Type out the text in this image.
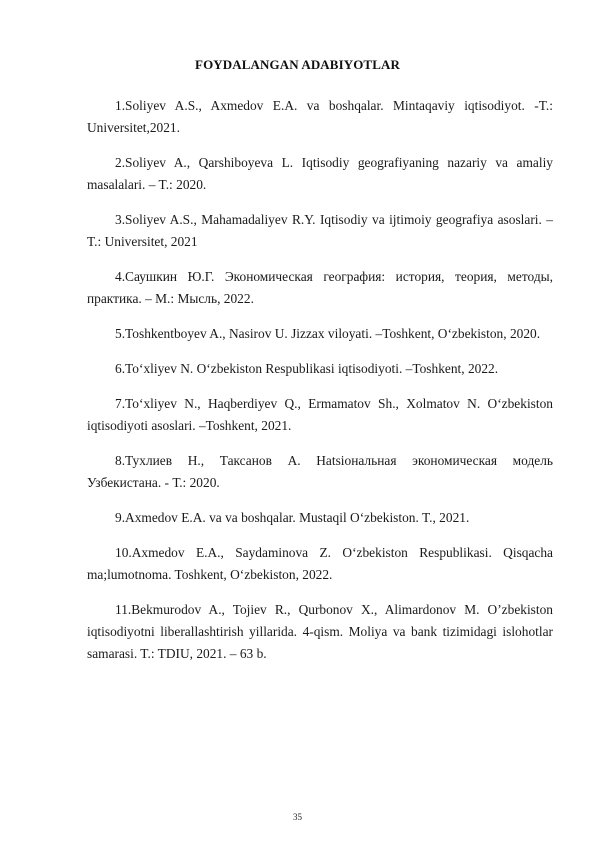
FOYDALANGAN ADABIYOTLAR

1.Soliyev A.S., Axmedov E.A. va boshqalar. Mintaqaviy iqtisodiyot. -T.: Universitet,2021.

2.Soliyev A., Qarshiboyeva L. Iqtisodiy geografiyaning nazariy va amaliy masalalari. – T.: 2020.

3.Soliyev A.S., Mahamadaliyev R.Y. Iqtisodiy va ijtimoiy geografiya asoslari. –T.: Universitet, 2021

4.Саушкин Ю.Г. Экономическая география: история, теория, методы, практика. – М.: Мысль, 2022.

5.Toshkentboyev A., Nasirov U. Jizzax viloyati. –Toshkent, O‘zbekiston, 2020.

6.To‘xliyev N. O‘zbekiston Respublikasi iqtisodiyoti. –Toshkent, 2022.

7.To‘xliyev N., Haqberdiyev Q., Ermamatov Sh., Xolmatov N. O‘zbekiston iqtisodiyoti asoslari. –Toshkent, 2021.

8.Тухлиев Н., Таксанов А. Hatsioнальная экономическая модель Узбекистана. - Т.: 2020.

9.Axmedov E.A. va va boshqalar. Mustaqil O‘zbekiston. T., 2021.

10.Axmedov E.A., Saydaminova Z. O‘zbekiston Respublikasi. Qisqacha ma;lumotnoma. Toshkent, O‘zbekiston, 2022.

11.Bekmurodov A., Tojiev R., Qurbonov X., Alimardonov M. O’zbekiston iqtisodiyotni liberallashtirish yillarida. 4-qism. Moliya va bank tizimidagi islohotlar samarasi. T.: TDIU, 2021. – 63 b.

35
